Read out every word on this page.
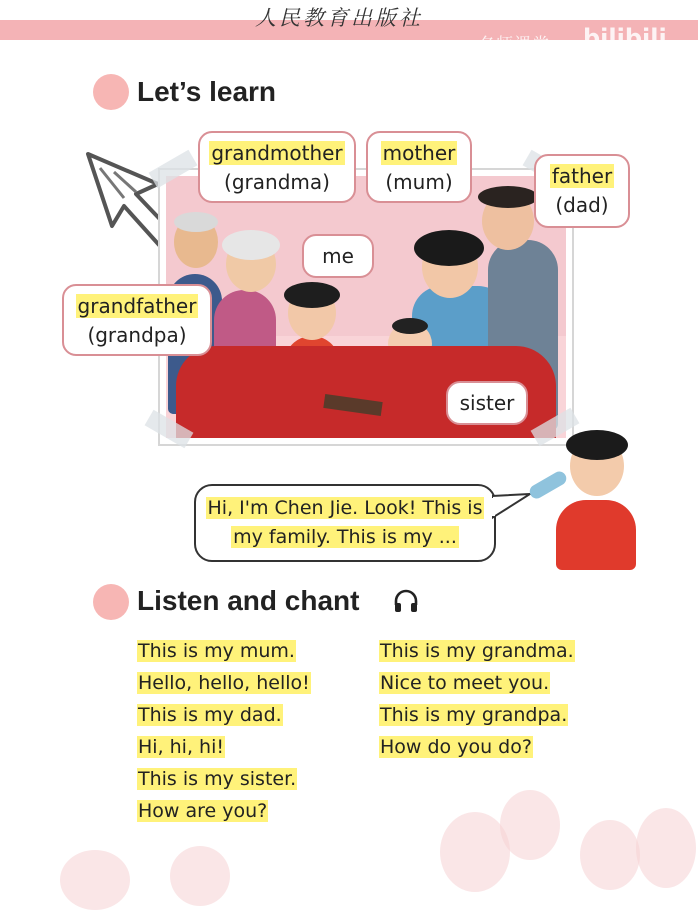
人民教育出版社
名师课堂 bilibili
Let’s learn
grandmother
(grandma)
mother
(mum)	father
(dad)
me
grandfather
(grandpa)
sister
Hi, I'm Chen Jie. Look! This is
my family. This is my ...
Listen and chant
This is my mum.
Hello, hello, hello!
This is my dad.
Hi, hi, hi!
This is my sister.
How are you?
This is my grandma.
Nice to meet you.
This is my grandpa.
How do you do?
